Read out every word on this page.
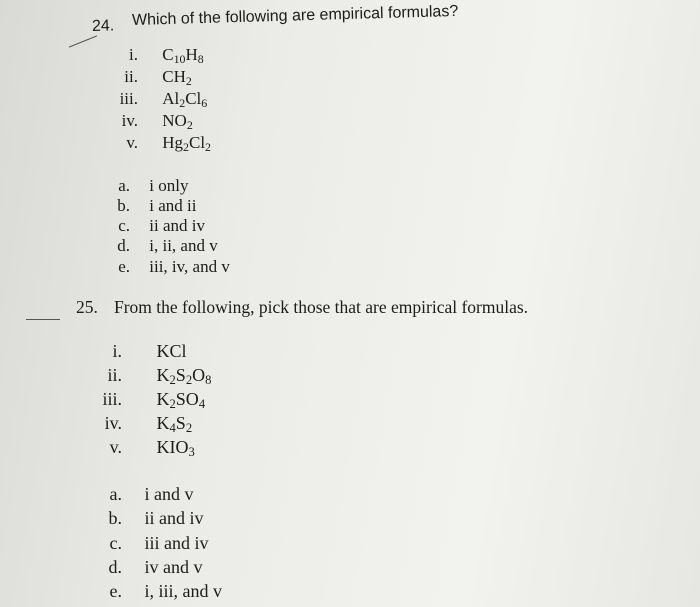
24. Which of the following are empirical formulas?
i. $C_{10}H_8$
ii. $CH_2$
iii. $Al_2Cl_6$
iv. $NO_2$
v. $Hg_2Cl_2$
a. i only
b. i and ii
c. ii and iv
d. i, ii, and v
e. iii, iv, and v
25. From the following, pick those that are empirical formulas.
i. KCl
ii. $K_2S_2O_8$
iii. $K_2SO_4$
iv. $K_4S_2$
v. $KIO_3$
a. i and v
b. ii and iv
c. iii and iv
d. iv and v
e. i, iii, and v
